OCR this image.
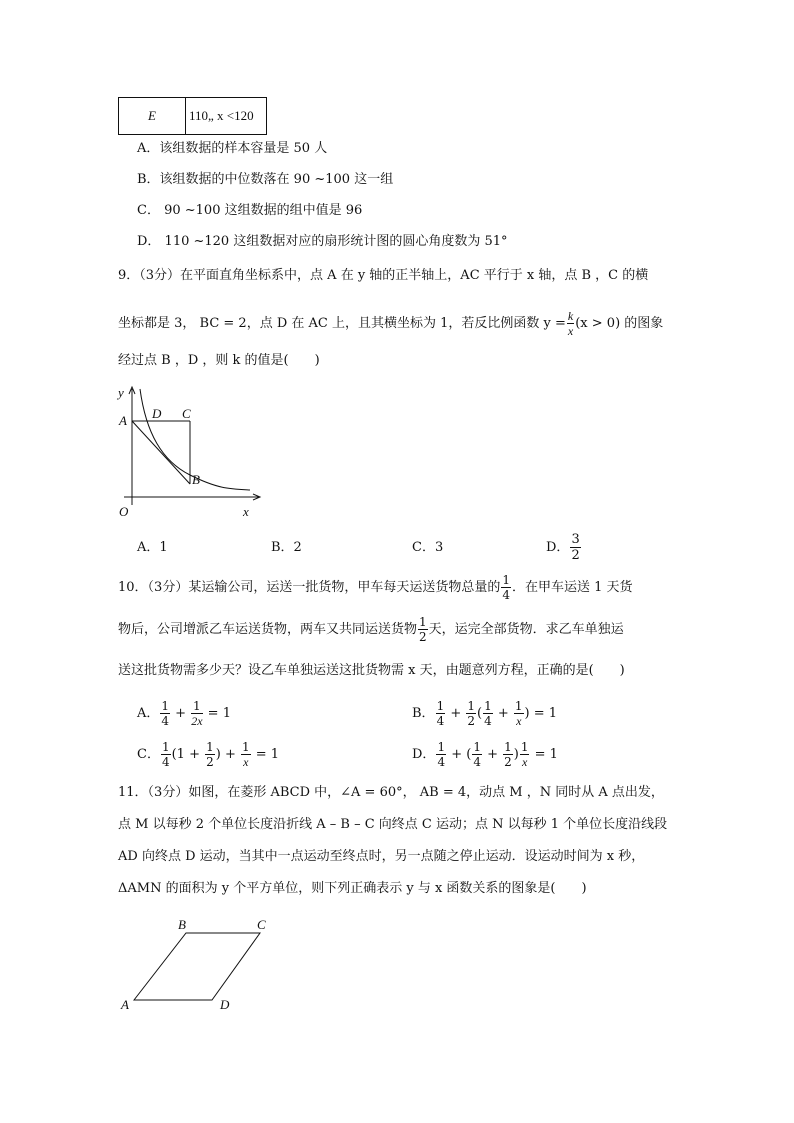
E	110„ x <120
A．该组数据的样本容量是 50 人
B．该组数据的中位数落在 90 ~100 这一组
C． 90 ~100 这组数据的组中值是 96
D． 110 ~120 这组数据对应的扇形统计图的圆心角度数为 51°
9．（3分）在平面直角坐标系中，点 A 在 y 轴的正半轴上，AC 平行于 x 轴，点 B ，C 的横
坐标都是 3， BC = 2，点 D 在 AC 上，且其横坐标为 1，若反比例函数 $y = \frac{k}{x} (x > 0)$ 的图象
经过点 B ，D ，则 k 的值是(　　)
y
x
O
A D C
B
A．1	B．2	C．3	D． $\frac{3}{2}$
10．（3分）某运输公司，运送一批货物，甲车每天运送货物总量的 $\frac{1}{4}$ ．在甲车运送 1 天货
物后，公司增派乙车运送货物，两车又共同运送货物 $\frac{1}{2}$ 天，运完全部货物．求乙车单独运
送这批货物需多少天？设乙车单独运送这批货物需 x 天，由题意列方程，正确的是(　　)
A． $\frac{1}{4} + \frac{1}{2x} = 1$	B． $\frac{1}{4} + \frac{1}{2}$ ( $\frac{1}{4} + \frac{1}{x}$ ) = 1
C． $\frac{1}{4} (1 + \frac{1}{2}$ ) + $\frac{1}{x} = 1$	D． $\frac{1}{4}$ + ( $\frac{1}{4} + \frac{1}{2}$ ) $\frac{1}{x} = 1$
11．（3分）如图，在菱形 ABCD 中，∠A = 60°， AB = 4，动点 M ，N 同时从 A 点出发，
点 M 以每秒 2 个单位长度沿折线 A – B – C 向终点 C 运动；点 N 以每秒 1 个单位长度沿线段
AD 向终点 D 运动，当其中一点运动至终点时，另一点随之停止运动．设运动时间为 x 秒，
ΔAMN 的面积为 y 个平方单位，则下列正确表示 y 与 x 函数关系的图象是(　　)
B	C
A	D
